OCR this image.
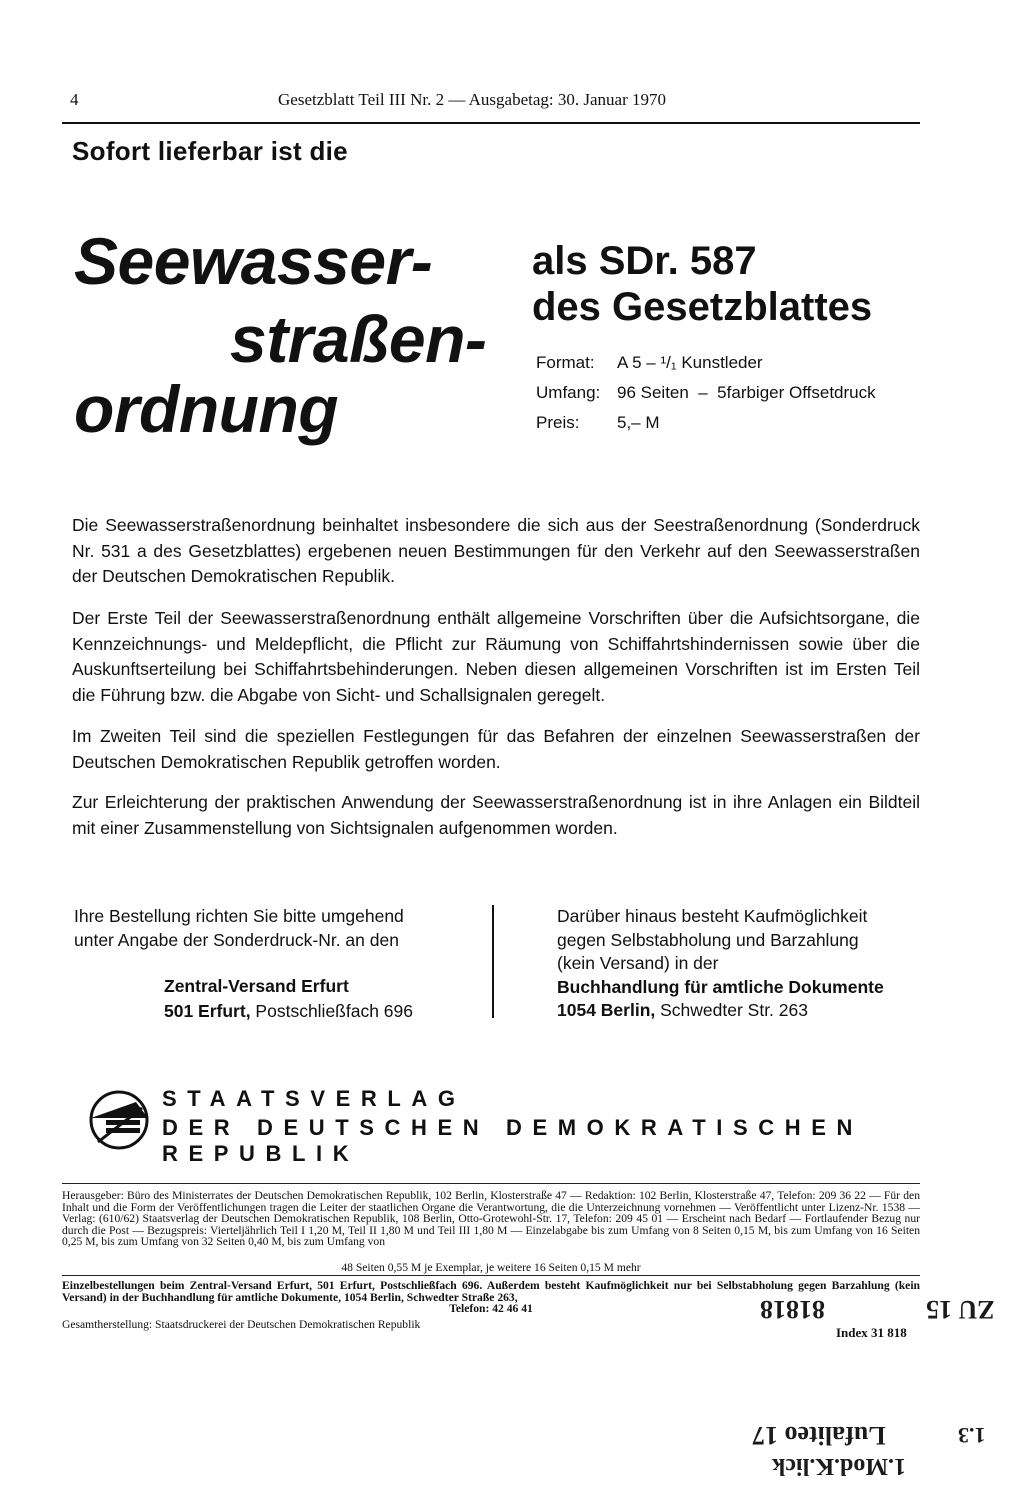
4	Gesetzblatt Teil III Nr. 2 — Ausgabetag: 30. Januar 1970
Sofort lieferbar ist die
Seewasser-
straßen-
ordnung
als SDr. 587
des Gesetzblattes
Format: A 5 – ¹/₁ Kunstleder
Umfang: 96 Seiten  –  5farbiger Offsetdruck
Preis: 5,– M
Die Seewasserstraßenordnung beinhaltet insbesondere die sich aus der Seestraßenordnung (Sonderdruck Nr. 531 a des Gesetzblattes) ergebenen neuen Bestimmungen für den Verkehr auf den Seewasserstraßen der Deutschen Demokratischen Republik.
Der Erste Teil der Seewasserstraßenordnung enthält allgemeine Vorschriften über die Aufsichtsorgane, die Kennzeichnungs- und Meldepflicht, die Pflicht zur Räumung von Schiffahrtshindernissen sowie über die Auskunftserteilung bei Schiffahrtsbehinderungen. Neben diesen allgemeinen Vorschriften ist im Ersten Teil die Führung bzw. die Abgabe von Sicht- und Schallsignalen geregelt.
Im Zweiten Teil sind die speziellen Festlegungen für das Befahren der einzelnen Seewasserstraßen der Deutschen Demokratischen Republik getroffen worden.
Zur Erleichterung der praktischen Anwendung der Seewasserstraßenordnung ist in ihre Anlagen ein Bildteil mit einer Zusammenstellung von Sichtsignalen aufgenommen worden.
Ihre Bestellung richten Sie bitte umgehend
unter Angabe der Sonderdruck-Nr. an den
Zentral-Versand Erfurt
501 Erfurt, Postschließfach 696
Darüber hinaus besteht Kaufmöglichkeit
gegen Selbstabholung und Barzahlung
(kein Versand) in der
Buchhandlung für amtliche Dokumente
1054 Berlin, Schwedter Str. 263
STAATSVERLAG
DER DEUTSCHEN DEMOKRATISCHEN REPUBLIK
Herausgeber: Büro des Ministerrates der Deutschen Demokratischen Republik, 102 Berlin, Klosterstraße 47 — Redaktion: 102 Berlin, Klosterstraße 47, Telefon: 209 36 22 — Für den Inhalt und die Form der Veröffentlichungen tragen die Leiter der staatlichen Organe die Verantwortung, die die Unterzeichnung vornehmen — Veröffentlicht unter Lizenz-Nr. 1538 — Verlag: (610/62) Staatsverlag der Deutschen Demokratischen Republik, 108 Berlin, Otto-Grotewohl-Str. 17, Telefon: 209 45 01 — Erscheint nach Bedarf — Fortlaufender Bezug nur durch die Post — Bezugspreis: Vierteljährlich Teil I 1,20 M, Teil II 1,80 M und Teil III 1,80 M — Einzelabgabe bis zum Umfang von 8 Seiten 0,15 M, bis zum Umfang von 16 Seiten 0,25 M, bis zum Umfang von 32 Seiten 0,40 M, bis zum Umfang von
48 Seiten 0,55 M je Exemplar, je weitere 16 Seiten 0,15 M mehr
Einzelbestellungen beim Zentral-Versand Erfurt, 501 Erfurt, Postschließfach 696. Außerdem besteht Kaufmöglichkeit nur bei Selbstabholung gegen Barzahlung (kein Versand) in der Buchhandlung für amtliche Dokumente, 1054 Berlin, Schwedter Straße 263,
Telefon: 42 46 41
Gesamtherstellung: Staatsdruckerei der Deutschen Demokratischen Republik
Index 31 818
81818	ZU 15
Lufaliteo 17
1.Mod.K.lick
1.3
